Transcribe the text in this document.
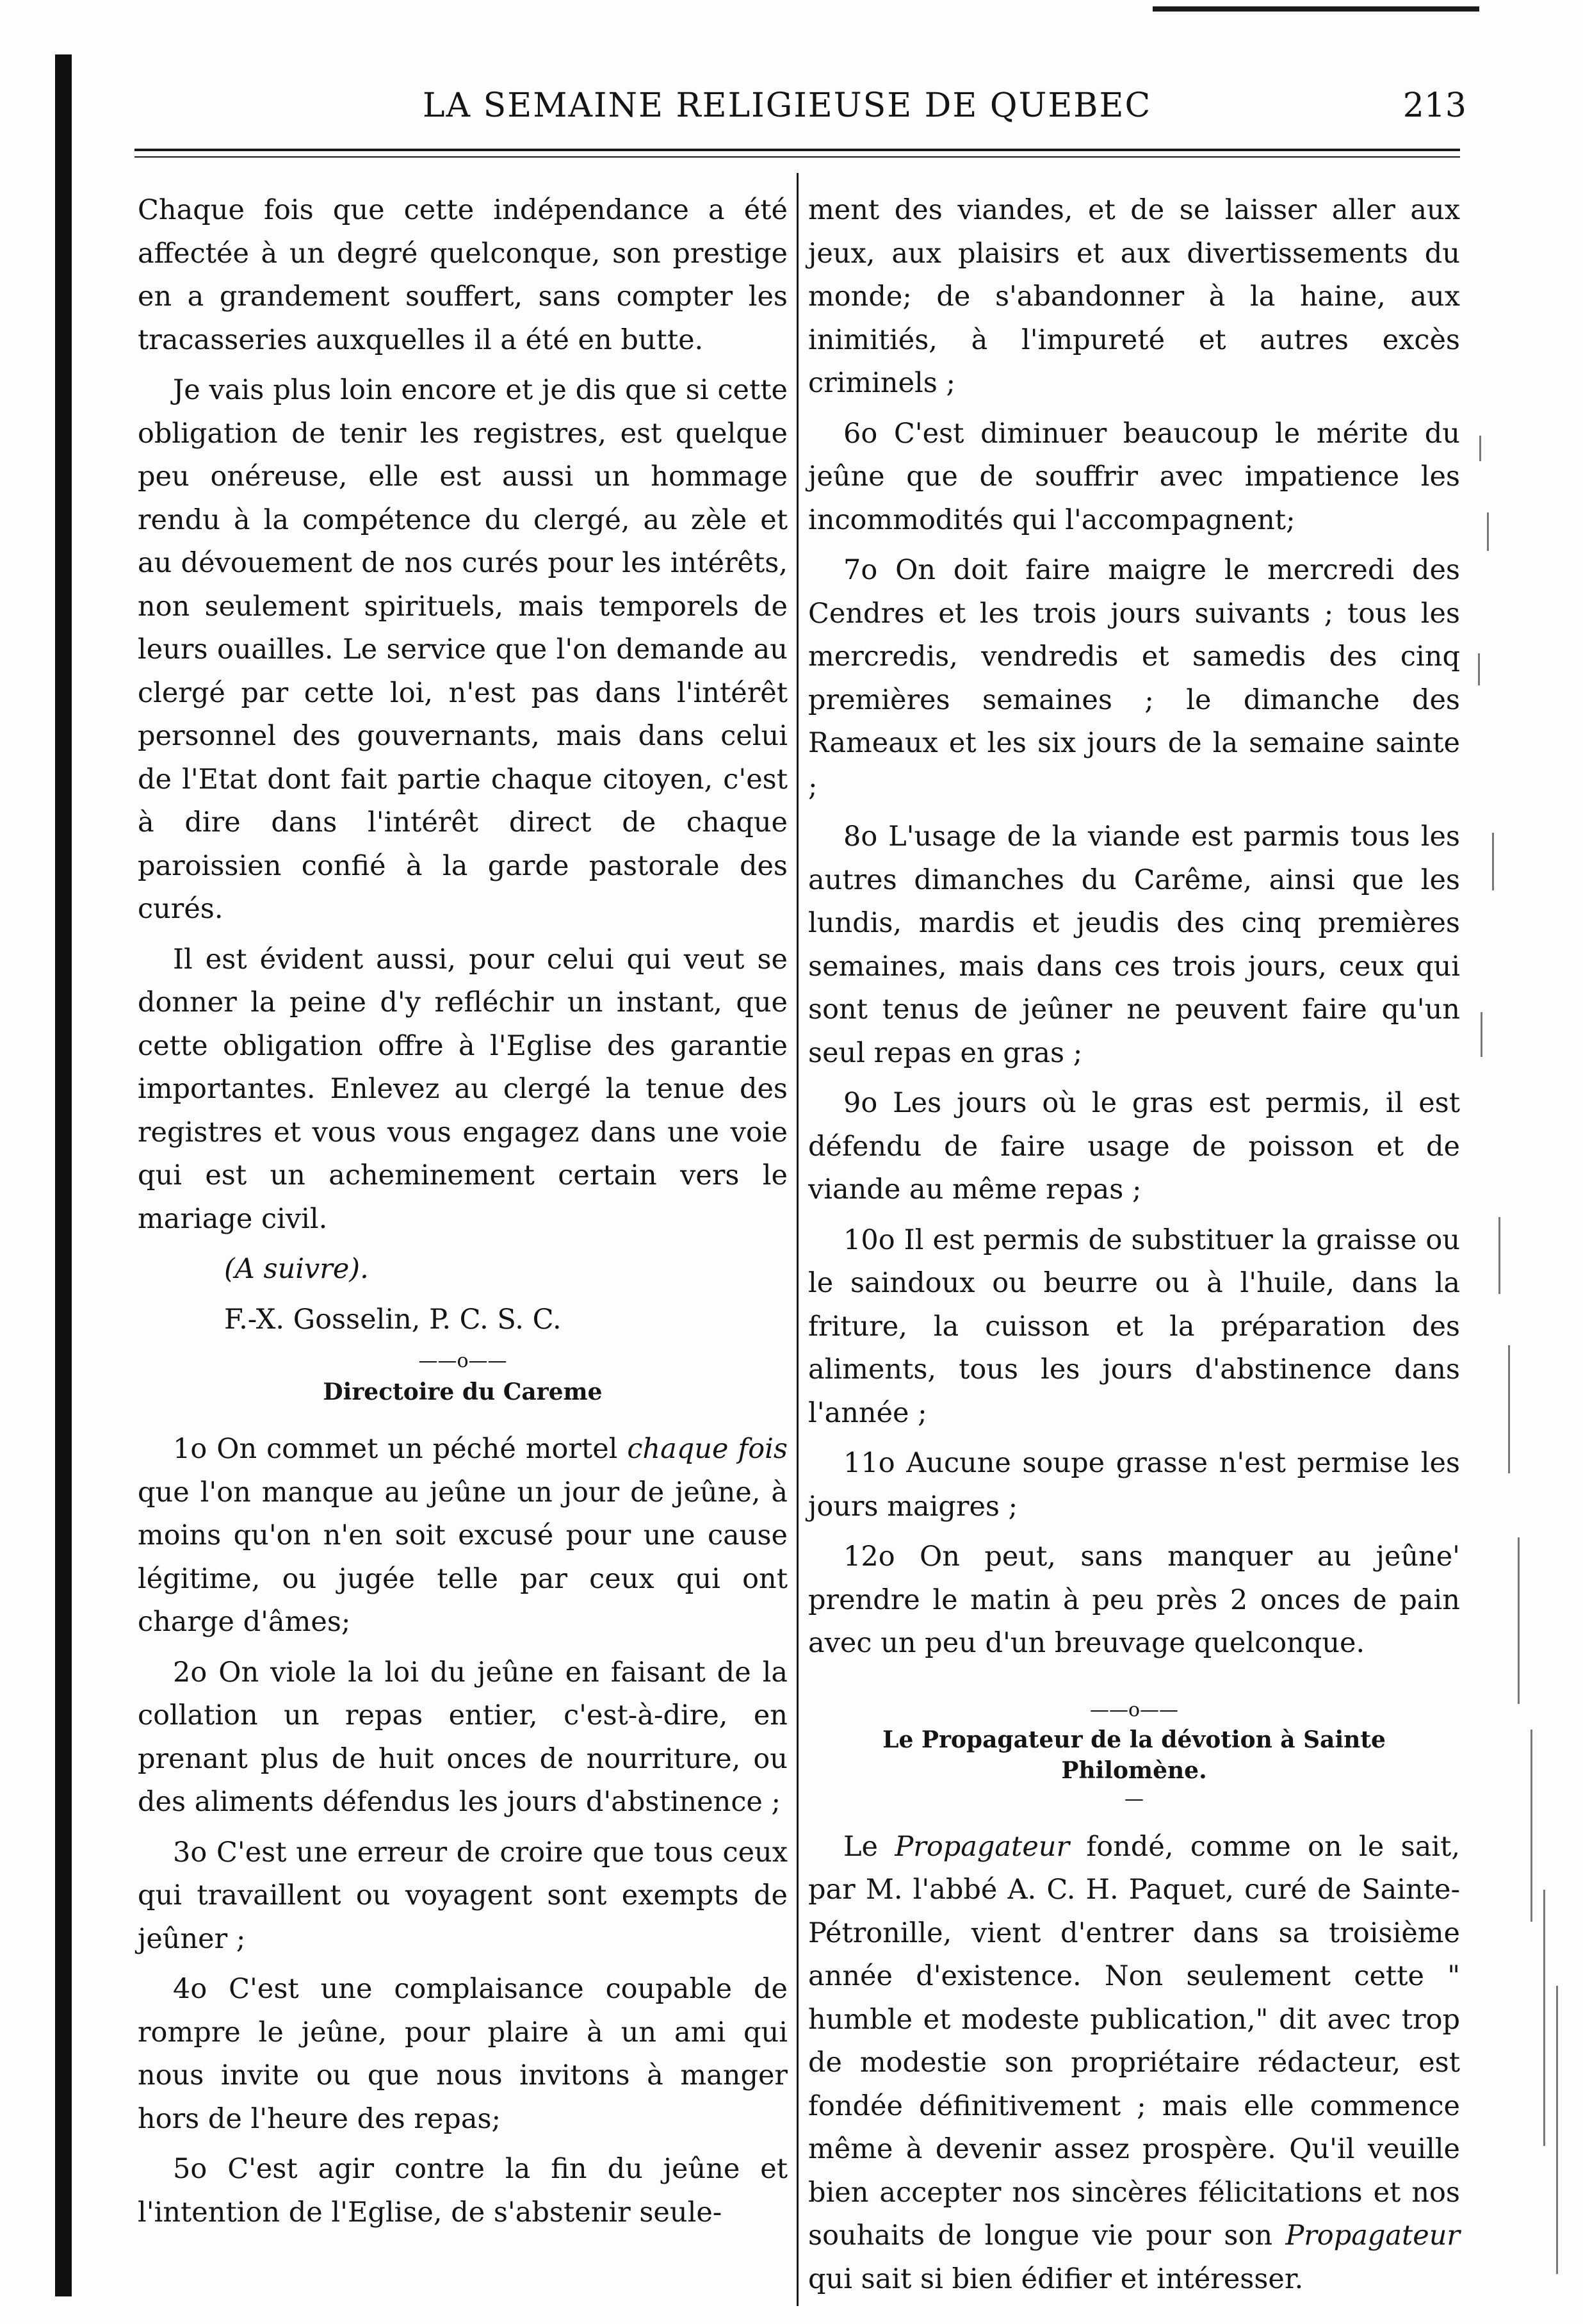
LA SEMAINE RELIGIEUSE DE QUEBEC	213

Chaque fois que cette indépendance a été affectée à un degré quelconque, son prestige en a grandement souffert, sans compter les tracasseries auxquelles il a été en butte.

Je vais plus loin encore et je dis que si cette obligation de tenir les registres, est quelque peu onéreuse, elle est aussi un hommage rendu à la compétence du clergé, au zèle et au dévouement de nos curés pour les intérêts, non seulement spirituels, mais temporels de leurs ouailles. Le service que l'on demande au clergé par cette loi, n'est pas dans l'intérêt personnel des gouvernants, mais dans celui de l'Etat dont fait partie chaque citoyen, c'est à dire dans l'intérêt direct de chaque paroissien confié à la garde pastorale des curés.

Il est évident aussi, pour celui qui veut se donner la peine d'y refléchir un instant, que cette obligation offre à l'Eglise des garantie importantes. Enlevez au clergé la tenue des registres et vous vous engagez dans une voie qui est un acheminement certain vers le mariage civil.

(A suivre).

F.-X. Gosselin, P. C. S. C.

——o——
Directoire du Careme

1o On commet un péché mortel chaque fois que l'on manque au jeûne un jour de jeûne, à moins qu'on n'en soit excusé pour une cause légitime, ou jugée telle par ceux qui ont charge d'âmes;

2o On viole la loi du jeûne en faisant de la collation un repas entier, c'est-à-dire, en prenant plus de huit onces de nourriture, ou des aliments défendus les jours d'abstinence ;

3o C'est une erreur de croire que tous ceux qui travaillent ou voyagent sont exempts de jeûner ;

4o C'est une complaisance coupable de rompre le jeûne, pour plaire à un ami qui nous invite ou que nous invitons à manger hors de l'heure des repas;

5o C'est agir contre la fin du jeûne et l'intention de l'Eglise, de s'abstenir seule-

ment des viandes, et de se laisser aller aux jeux, aux plaisirs et aux divertissements du monde; de s'abandonner à la haine, aux inimitiés, à l'impureté et autres excès criminels ;

6o C'est diminuer beaucoup le mérite du jeûne que de souffrir avec impatience les incommodités qui l'accompagnent;

7o On doit faire maigre le mercredi des Cendres et les trois jours suivants ; tous les mercredis, vendredis et samedis des cinq premières semaines ; le dimanche des Rameaux et les six jours de la semaine sainte ;

8o L'usage de la viande est parmis tous les autres dimanches du Carême, ainsi que les lundis, mardis et jeudis des cinq premières semaines, mais dans ces trois jours, ceux qui sont tenus de jeûner ne peuvent faire qu'un seul repas en gras ;

9o Les jours où le gras est permis, il est défendu de faire usage de poisson et de viande au même repas ;

10o Il est permis de substituer la graisse ou le saindoux ou beurre ou à l'huile, dans la friture, la cuisson et la préparation des aliments, tous les jours d'abstinence dans l'année ;

11o Aucune soupe grasse n'est permise les jours maigres ;

12o On peut, sans manquer au jeûne' prendre le matin à peu près 2 onces de pain avec un peu d'un breuvage quelconque.

——o——
Le Propagateur de la dévotion à Sainte Philomène.
—

Le Propagateur fondé, comme on le sait, par M. l'abbé A. C. H. Paquet, curé de Sainte-Pétronille, vient d'entrer dans sa troisième année d'existence. Non seulement cette " humble et modeste publication," dit avec trop de modestie son propriétaire rédacteur, est fondée définitivement ; mais elle commence même à devenir assez prospère. Qu'il veuille bien accepter nos sincères félicitations et nos souhaits de longue vie pour son Propagateur qui sait si bien édifier et intéresser.
